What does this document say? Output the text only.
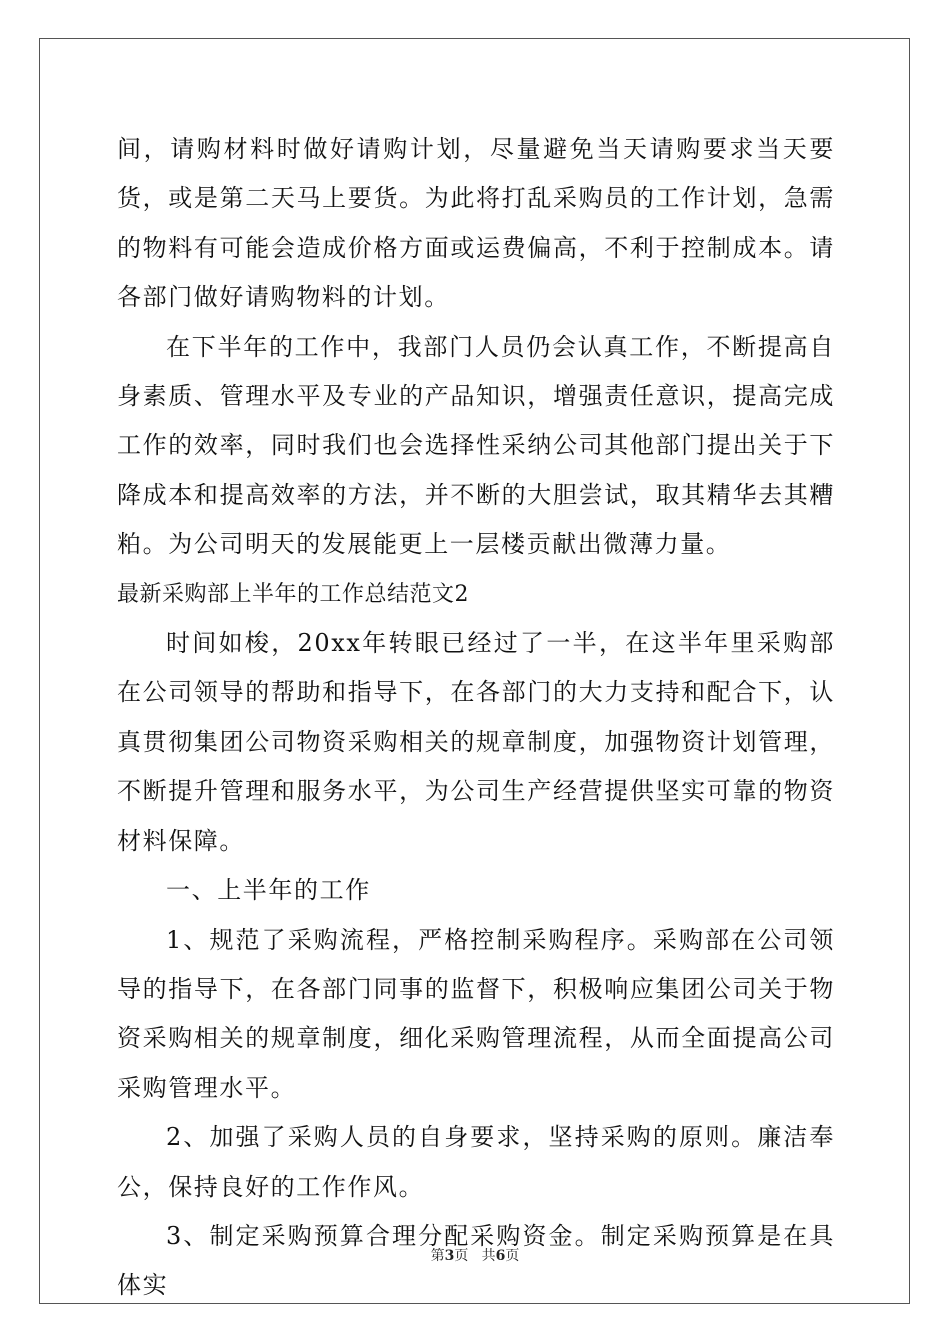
间，请购材料时做好请购计划，尽量避免当天请购要求当天要货，或是第二天马上要货。为此将打乱采购员的工作计划，急需的物料有可能会造成价格方面或运费偏高，不利于控制成本。请各部门做好请购物料的计划。

在下半年的工作中，我部门人员仍会认真工作，不断提高自身素质、管理水平及专业的产品知识，增强责任意识，提高完成工作的效率，同时我们也会选择性采纳公司其他部门提出关于下降成本和提高效率的方法，并不断的大胆尝试，取其精华去其糟粕。为公司明天的发展能更上一层楼贡献出微薄力量。

最新采购部上半年的工作总结范文2

时间如梭，20xx年转眼已经过了一半，在这半年里采购部在公司领导的帮助和指导下，在各部门的大力支持和配合下，认真贯彻集团公司物资采购相关的规章制度，加强物资计划管理，不断提升管理和服务水平，为公司生产经营提供坚实可靠的物资材料保障。

一、上半年的工作

1、规范了采购流程，严格控制采购程序。采购部在公司领导的指导下，在各部门同事的监督下，积极响应集团公司关于物资采购相关的规章制度，细化采购管理流程，从而全面提高公司采购管理水平。

2、加强了采购人员的自身要求，坚持采购的原则。廉洁奉公，保持良好的工作作风。

3、制定采购预算合理分配采购资金。制定采购预算是在具体实

第3页 共6页
